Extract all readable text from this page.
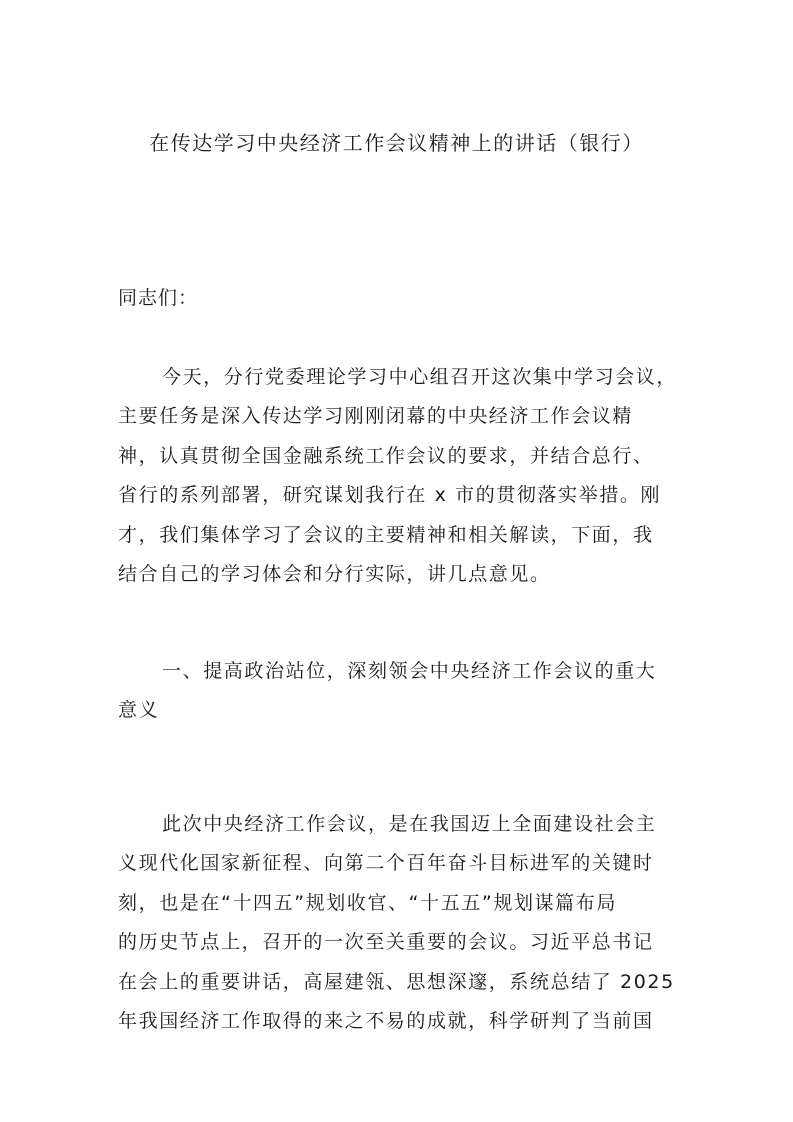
在传达学习中央经济工作会议精神上的讲话（银行）

同志们：

今天，分行党委理论学习中心组召开这次集中学习会议，
主要任务是深入传达学习刚刚闭幕的中央经济工作会议精
神，认真贯彻全国金融系统工作会议的要求，并结合总行、
省行的系列部署，研究谋划我行在 x 市的贯彻落实举措。刚
才，我们集体学习了会议的主要精神和相关解读，下面，我
结合自己的学习体会和分行实际，讲几点意见。

一、提高政治站位，深刻领会中央经济工作会议的重大
意义

此次中央经济工作会议，是在我国迈上全面建设社会主
义现代化国家新征程、向第二个百年奋斗目标进军的关键时
刻，也是在“十四五”规划收官、“十五五”规划谋篇布局
的历史节点上，召开的一次至关重要的会议。习近平总书记
在会上的重要讲话，高屋建瓴、思想深邃，系统总结了 2025
年我国经济工作取得的来之不易的成就，科学研判了当前国
